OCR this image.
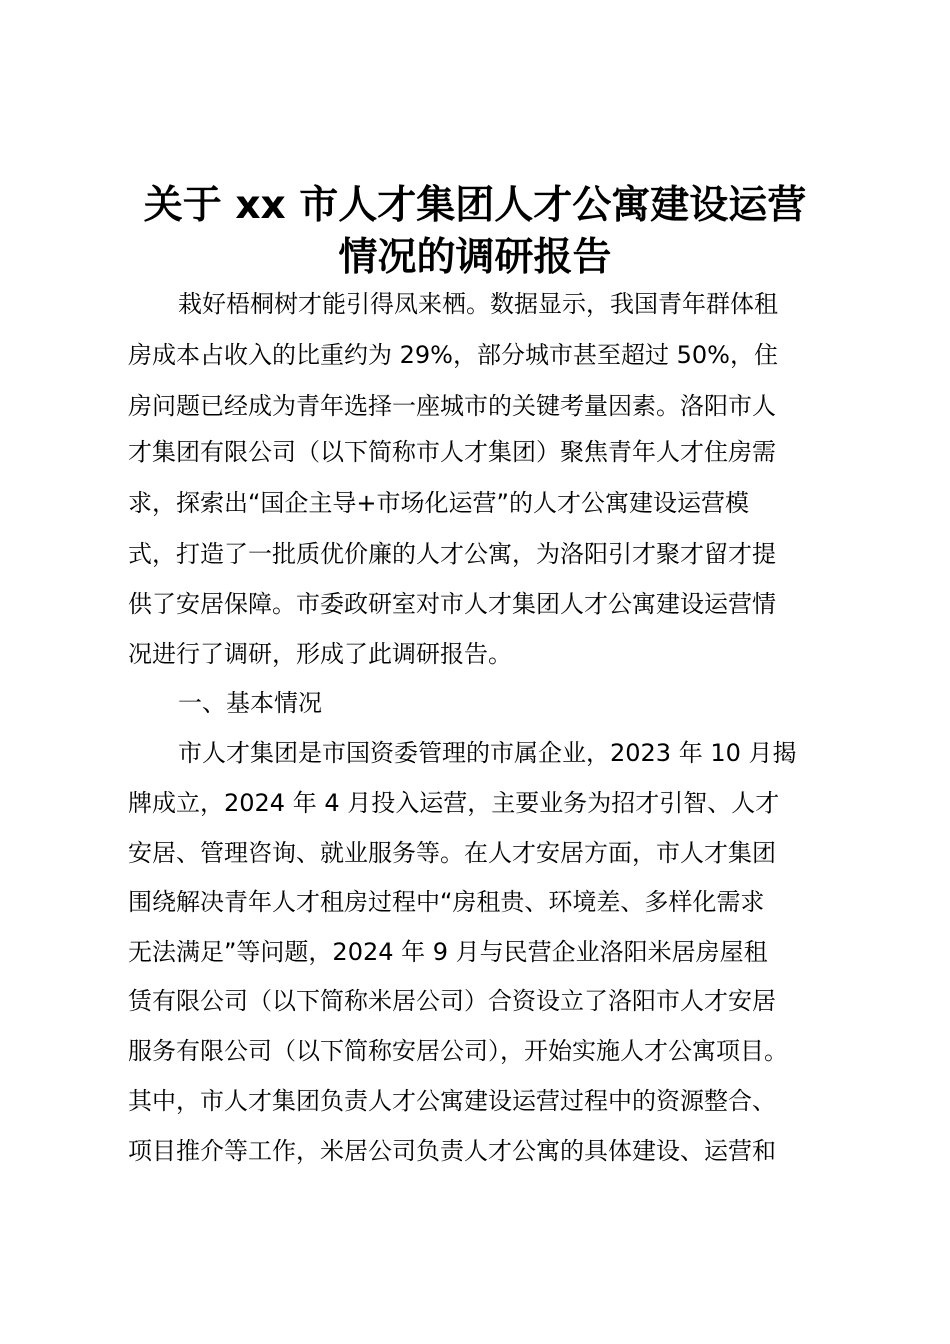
关于 xx 市人才集团人才公寓建设运营
情况的调研报告

栽好梧桐树才能引得凤来栖。数据显示，我国青年群体租

房成本占收入的比重约为 29%，部分城市甚至超过 50%，住

房问题已经成为青年选择一座城市的关键考量因素。洛阳市人

才集团有限公司（以下简称市人才集团）聚焦青年人才住房需

求，探索出“国企主导+市场化运营”的人才公寓建设运营模

式，打造了一批质优价廉的人才公寓，为洛阳引才聚才留才提

供了安居保障。市委政研室对市人才集团人才公寓建设运营情

况进行了调研，形成了此调研报告。

一、基本情况

市人才集团是市国资委管理的市属企业，2023 年 10 月揭

牌成立，2024 年 4 月投入运营，主要业务为招才引智、人才

安居、管理咨询、就业服务等。在人才安居方面，市人才集团

围绕解决青年人才租房过程中“房租贵、环境差、多样化需求

无法满足”等问题，2024 年 9 月与民营企业洛阳米居房屋租

赁有限公司（以下简称米居公司）合资设立了洛阳市人才安居

服务有限公司（以下简称安居公司），开始实施人才公寓项目。

其中，市人才集团负责人才公寓建设运营过程中的资源整合、

项目推介等工作，米居公司负责人才公寓的具体建设、运营和
